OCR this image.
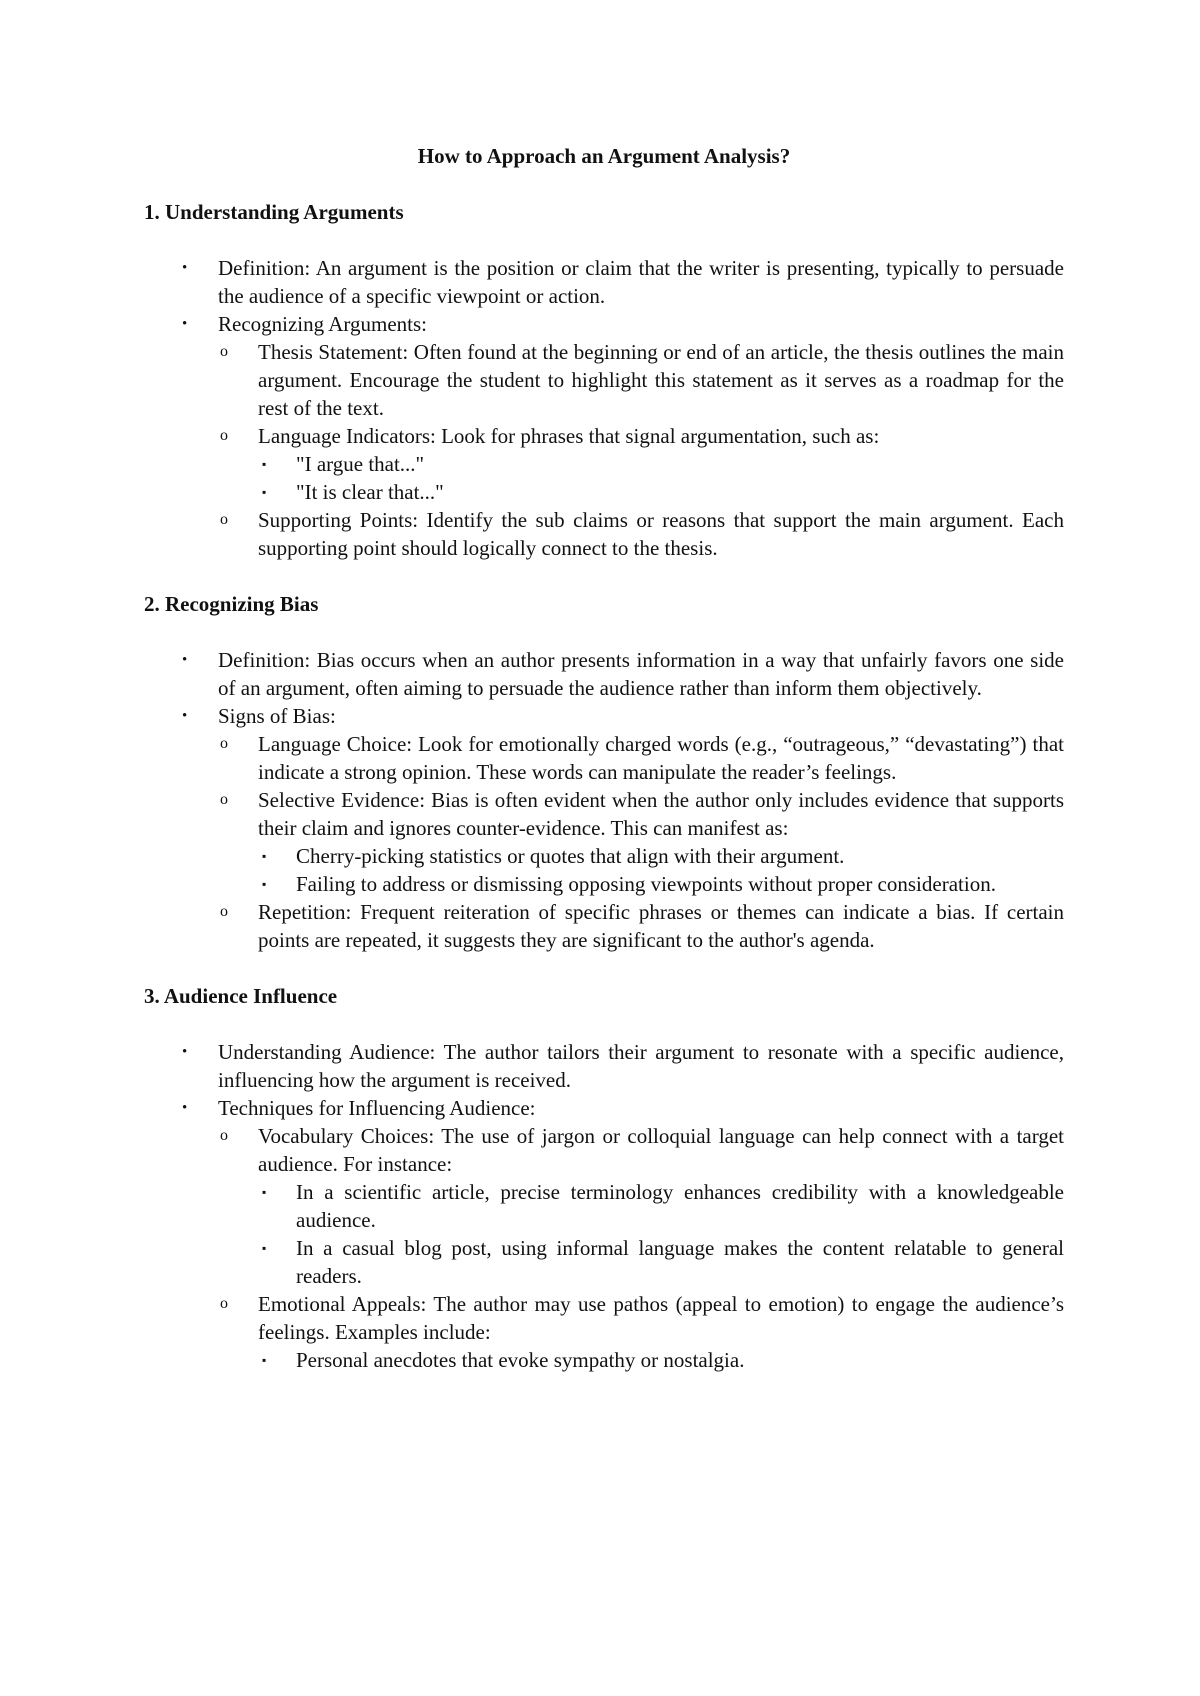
How to Approach an Argument Analysis?
1. Understanding Arguments
•	Definition: An argument is the position or claim that the writer is presenting, typically to persuade the audience of a specific viewpoint or action.
•	Recognizing Arguments:
o Thesis Statement: Often found at the beginning or end of an article, the thesis outlines the main argument. Encourage the student to highlight this statement as it serves as a roadmap for the rest of the text.
o Language Indicators: Look for phrases that signal argumentation, such as:
▪ "I argue that..."
▪ "It is clear that..."
o Supporting Points: Identify the sub claims or reasons that support the main argument. Each supporting point should logically connect to the thesis.
2. Recognizing Bias
•	Definition: Bias occurs when an author presents information in a way that unfairly favors one side of an argument, often aiming to persuade the audience rather than inform them objectively.
•	Signs of Bias:
o Language Choice: Look for emotionally charged words (e.g., “outrageous,” “devastating”) that indicate a strong opinion. These words can manipulate the reader’s feelings.
o Selective Evidence: Bias is often evident when the author only includes evidence that supports their claim and ignores counter-evidence. This can manifest as:
▪ Cherry-picking statistics or quotes that align with their argument.
▪ Failing to address or dismissing opposing viewpoints without proper consideration.
o Repetition: Frequent reiteration of specific phrases or themes can indicate a bias. If certain points are repeated, it suggests they are significant to the author's agenda.
3. Audience Influence
•	Understanding Audience: The author tailors their argument to resonate with a specific audience, influencing how the argument is received.
•	Techniques for Influencing Audience:
o Vocabulary Choices: The use of jargon or colloquial language can help connect with a target audience. For instance:
▪ In a scientific article, precise terminology enhances credibility with a knowledgeable audience.
▪ In a casual blog post, using informal language makes the content relatable to general readers.
o Emotional Appeals: The author may use pathos (appeal to emotion) to engage the audience’s feelings. Examples include:
▪ Personal anecdotes that evoke sympathy or nostalgia.
